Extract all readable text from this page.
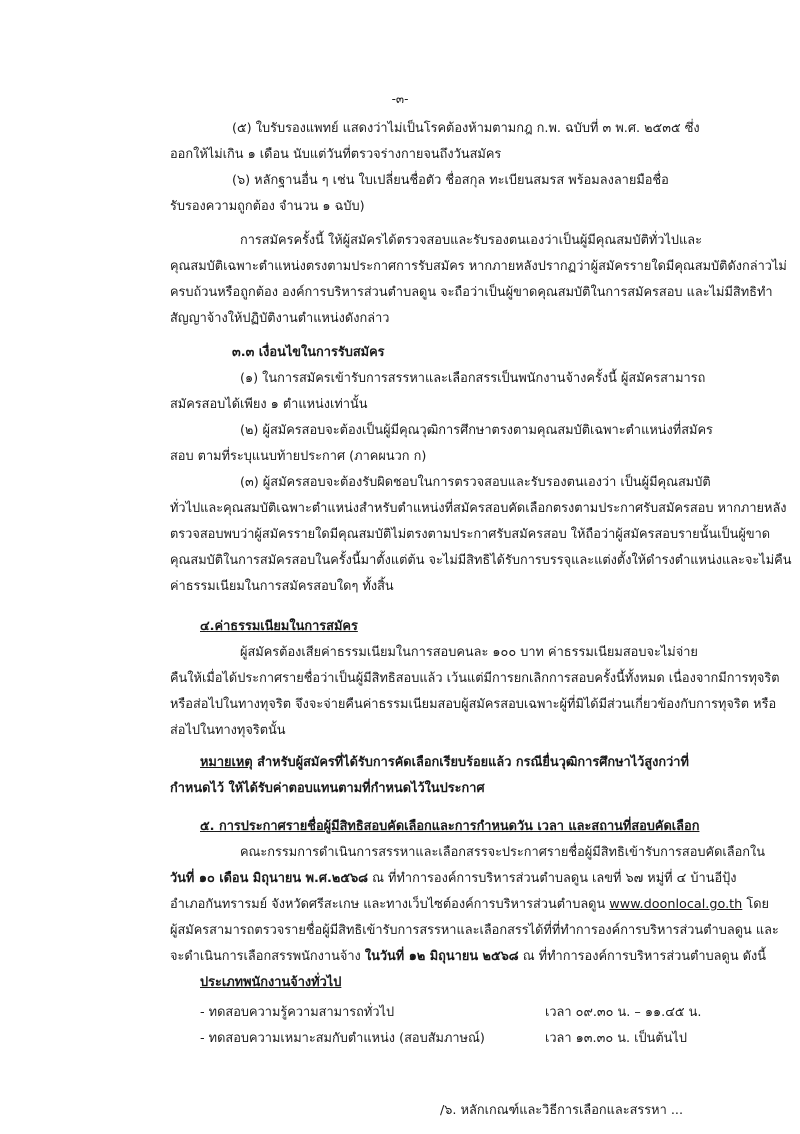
-๓-
(๕) ใบรับรองแพทย์ แสดงว่าไม่เป็นโรคต้องห้ามตามกฎ ก.พ. ฉบับที่ ๓ พ.ศ. ๒๕๓๕ ซึ่ง
ออกให้ไม่เกิน ๑ เดือน นับแต่วันที่ตรวจร่างกายจนถึงวันสมัคร
(๖) หลักฐานอื่น ๆ เช่น ใบเปลี่ยนชื่อตัว ชื่อสกุล ทะเบียนสมรส พร้อมลงลายมือชื่อ
รับรองความถูกต้อง จำนวน ๑ ฉบับ)
การสมัครครั้งนี้ ให้ผู้สมัครได้ตรวจสอบและรับรองตนเองว่าเป็นผู้มีคุณสมบัติทั่วไปและ
คุณสมบัติเฉพาะตำแหน่งตรงตามประกาศการรับสมัคร หากภายหลังปรากฏว่าผู้สมัครรายใดมีคุณสมบัติดังกล่าวไม่
ครบถ้วนหรือถูกต้อง องค์การบริหารส่วนตำบลดูน จะถือว่าเป็นผู้ขาดคุณสมบัติในการสมัครสอบ และไม่มีสิทธิทำ
สัญญาจ้างให้ปฏิบัติงานตำแหน่งดังกล่าว
๓.๓ เงื่อนไขในการรับสมัคร
(๑) ในการสมัครเข้ารับการสรรหาและเลือกสรรเป็นพนักงานจ้างครั้งนี้ ผู้สมัครสามารถ
สมัครสอบได้เพียง ๑ ตำแหน่งเท่านั้น
(๒) ผู้สมัครสอบจะต้องเป็นผู้มีคุณวุฒิการศึกษาตรงตามคุณสมบัติเฉพาะตำแหน่งที่สมัคร
สอบ ตามที่ระบุแนบท้ายประกาศ (ภาคผนวก ก)
(๓) ผู้สมัครสอบจะต้องรับผิดชอบในการตรวจสอบและรับรองตนเองว่า เป็นผู้มีคุณสมบัติ
ทั่วไปและคุณสมบัติเฉพาะตำแหน่งสำหรับตำแหน่งที่สมัครสอบคัดเลือกตรงตามประกาศรับสมัครสอบ หากภายหลัง
ตรวจสอบพบว่าผู้สมัครรายใดมีคุณสมบัติไม่ตรงตามประกาศรับสมัครสอบ ให้ถือว่าผู้สมัครสอบรายนั้นเป็นผู้ขาด
คุณสมบัติในการสมัครสอบในครั้งนี้มาตั้งแต่ต้น จะไม่มีสิทธิได้รับการบรรจุและแต่งตั้งให้ดำรงตำแหน่งและจะไม่คืน
ค่าธรรมเนียมในการสมัครสอบใดๆ ทั้งสิ้น
๔.ค่าธรรมเนียมในการสมัคร
ผู้สมัครต้องเสียค่าธรรมเนียมในการสอบคนละ ๑๐๐ บาท ค่าธรรมเนียมสอบจะไม่จ่าย
คืนให้เมื่อได้ประกาศรายชื่อว่าเป็นผู้มีสิทธิสอบแล้ว เว้นแต่มีการยกเลิกการสอบครั้งนี้ทั้งหมด เนื่องจากมีการทุจริต
หรือส่อไปในทางทุจริต จึงจะจ่ายคืนค่าธรรมเนียมสอบผู้สมัครสอบเฉพาะผู้ที่มิได้มีส่วนเกี่ยวข้องกับการทุจริต หรือ
ส่อไปในทางทุจริตนั้น
หมายเหตุ สำหรับผู้สมัครที่ได้รับการคัดเลือกเรียบร้อยแล้ว กรณียื่นวุฒิการศึกษาไว้สูงกว่าที่
กำหนดไว้ ให้ได้รับค่าตอบแทนตามที่กำหนดไว้ในประกาศ
๕. การประกาศรายชื่อผู้มีสิทธิสอบคัดเลือกและการกำหนดวัน เวลา และสถานที่สอบคัดเลือก
คณะกรรมการดำเนินการสรรหาและเลือกสรรจะประกาศรายชื่อผู้มีสิทธิเข้ารับการสอบคัดเลือกใน
วันที่ ๑๐ เดือน มิถุนายน พ.ศ.๒๕๖๘ ณ ที่ทำการองค์การบริหารส่วนตำบลดูน เลขที่ ๖๗ หมู่ที่ ๔ บ้านอีปุ้ง
อำเภอกันทรารมย์ จังหวัดศรีสะเกษ และทางเว็บไซต์องค์การบริหารส่วนตำบลดูน www.doonlocal.go.th โดย
ผู้สมัครสามารถตรวจรายชื่อผู้มีสิทธิเข้ารับการสรรหาและเลือกสรรได้ที่ที่ทำการองค์การบริหารส่วนตำบลดูน และ
จะดำเนินการเลือกสรรพนักงานจ้าง ในวันที่ ๑๒ มิถุนายน ๒๕๖๘ ณ ที่ทำการองค์การบริหารส่วนตำบลดูน ดังนี้
ประเภทพนักงานจ้างทั่วไป
- ทดสอบความรู้ความสามารถทั่วไป	เวลา ๐๙.๓๐ น. – ๑๑.๔๕ น.
- ทดสอบความเหมาะสมกับตำแหน่ง (สอบสัมภาษณ์)	เวลา ๑๓.๓๐ น. เป็นต้นไป
/๖. หลักเกณฑ์และวิธีการเลือกและสรรหา ...
